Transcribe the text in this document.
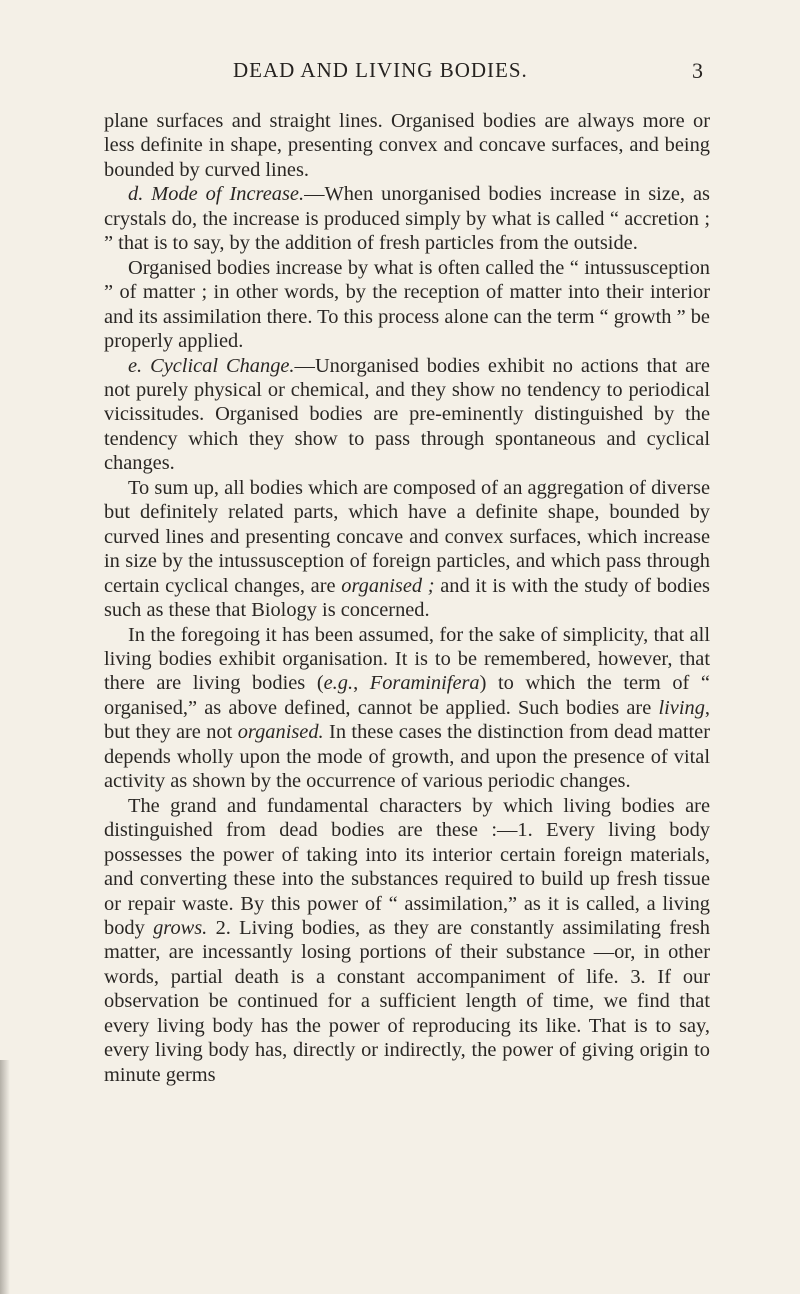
DEAD AND LIVING BODIES.	3

plane surfaces and straight lines. Organised bodies are always more or less definite in shape, presenting convex and concave surfaces, and being bounded by curved lines.

d. Mode of Increase.—When unorganised bodies increase in size, as crystals do, the increase is produced simply by what is called “ accretion ; ” that is to say, by the addition of fresh particles from the outside.

Organised bodies increase by what is often called the “ intussusception ” of matter ; in other words, by the reception of matter into their interior and its assimilation there. To this process alone can the term “ growth ” be properly applied.

e. Cyclical Change.—Unorganised bodies exhibit no actions that are not purely physical or chemical, and they show no tendency to periodical vicissitudes. Organised bodies are pre-eminently distinguished by the tendency which they show to pass through spontaneous and cyclical changes.

To sum up, all bodies which are composed of an aggregation of diverse but definitely related parts, which have a definite shape, bounded by curved lines and presenting concave and convex surfaces, which increase in size by the intussusception of foreign particles, and which pass through certain cyclical changes, are organised ; and it is with the study of bodies such as these that Biology is concerned.

In the foregoing it has been assumed, for the sake of simplicity, that all living bodies exhibit organisation. It is to be remembered, however, that there are living bodies (e.g., Foraminifera) to which the term of “ organised,” as above defined, cannot be applied. Such bodies are living, but they are not organised. In these cases the distinction from dead matter depends wholly upon the mode of growth, and upon the presence of vital activity as shown by the occurrence of various periodic changes.

The grand and fundamental characters by which living bodies are distinguished from dead bodies are these :—1. Every living body possesses the power of taking into its interior certain foreign materials, and converting these into the substances required to build up fresh tissue or repair waste. By this power of “ assimilation,” as it is called, a living body grows. 2. Living bodies, as they are constantly assimilating fresh matter, are incessantly losing portions of their substance —or, in other words, partial death is a constant accompaniment of life. 3. If our observation be continued for a sufficient length of time, we find that every living body has the power of reproducing its like. That is to say, every living body has, directly or indirectly, the power of giving origin to minute germs
